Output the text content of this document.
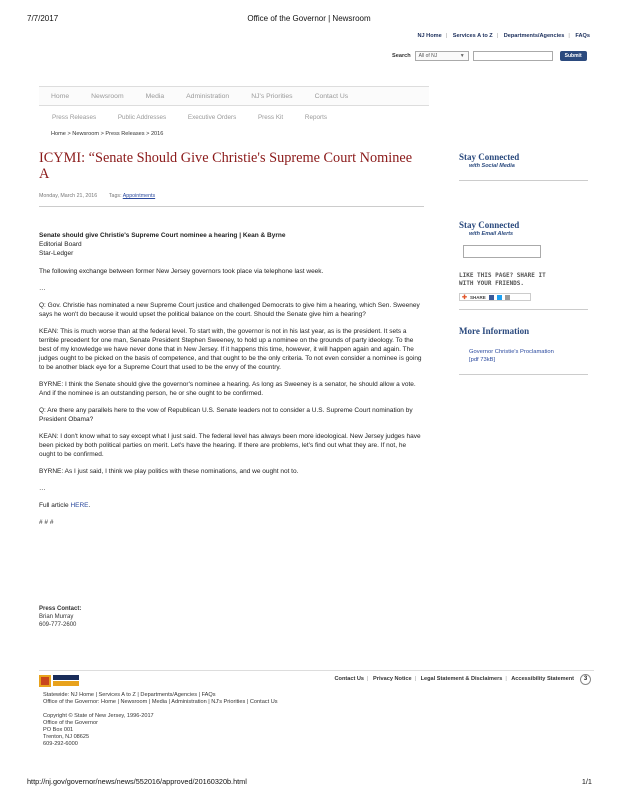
7/7/2017	Office of the Governor | Newsroom
NJ Home | Services A to Z | Departments/Agencies | FAQs
Search	All of NJ	▼	Submit
Home	Newsroom	Media	Administration	NJ's Priorities	Contact Us
Press Releases	Public Addresses	Executive Orders	Press Kit	Reports
Home > Newsroom > Press Releases > 2016
ICYMI: “Senate Should Give Christie's Supreme Court Nominee A
Monday, March 21, 2016 Tags: Appointments
Senate should give Christie's Supreme Court nominee a hearing | Kean & Byrne
Editorial Board
Star-Ledger

The following exchange between former New Jersey governors took place via telephone last week.

…

Q: Gov. Christie has nominated a new Supreme Court justice and challenged Democrats to give him a hearing, which Sen. Sweeney says he won't do because it would upset the political balance on the court. Should the Senate give him a hearing?

KEAN: This is much worse than at the federal level. To start with, the governor is not in his last year, as is the president. It sets a terrible precedent for one man, Senate President Stephen Sweeney, to hold up a nominee on the grounds of party ideology. To the best of my knowledge we have never done that in New Jersey. If it happens this time, however, it will happen again and again. The judges ought to be picked on the basis of competence, and that ought to be the only criteria. To not even consider a nominee is going to be another black eye for a Supreme Court that used to be the envy of the country.

BYRNE: I think the Senate should give the governor's nominee a hearing. As long as Sweeney is a senator, he should allow a vote. And if the nominee is an outstanding person, he or she ought to be confirmed.

Q: Are there any parallels here to the vow of Republican U.S. Senate leaders not to consider a U.S. Supreme Court nomination by President Obama?

KEAN: I don't know what to say except what I just said. The federal level has always been more ideological. New Jersey judges have been picked by both political parties on merit. Let's have the hearing. If there are problems, let's find out what they are. If not, he ought to be confirmed.

BYRNE: As I just said, I think we play politics with these nominations, and we ought not to.

…

Full article HERE.

# # #

Press Contact:
Brian Murray
609-777-2600
Stay Connected
with Social Media
Stay Connected
with Email Alerts
LIKE THIS PAGE? SHARE IT
WITH YOUR FRIENDS.
✚ SHARE
More Information
Governor Christie's Proclamation
[pdf 73kB]
Contact Us | Privacy Notice | Legal Statement & Disclaimers | Accessibility Statement	3
Statewide: NJ Home | Services A to Z | Departments/Agencies | FAQs
Office of the Governor: Home | Newsroom | Media | Administration | NJ's Priorities | Contact Us
Copyright © State of New Jersey, 1996-2017
Office of the Governor
PO Box 001
Trenton, NJ 08625
609-292-6000
http://nj.gov/governor/news/news/552016/approved/20160320b.html	1/1
